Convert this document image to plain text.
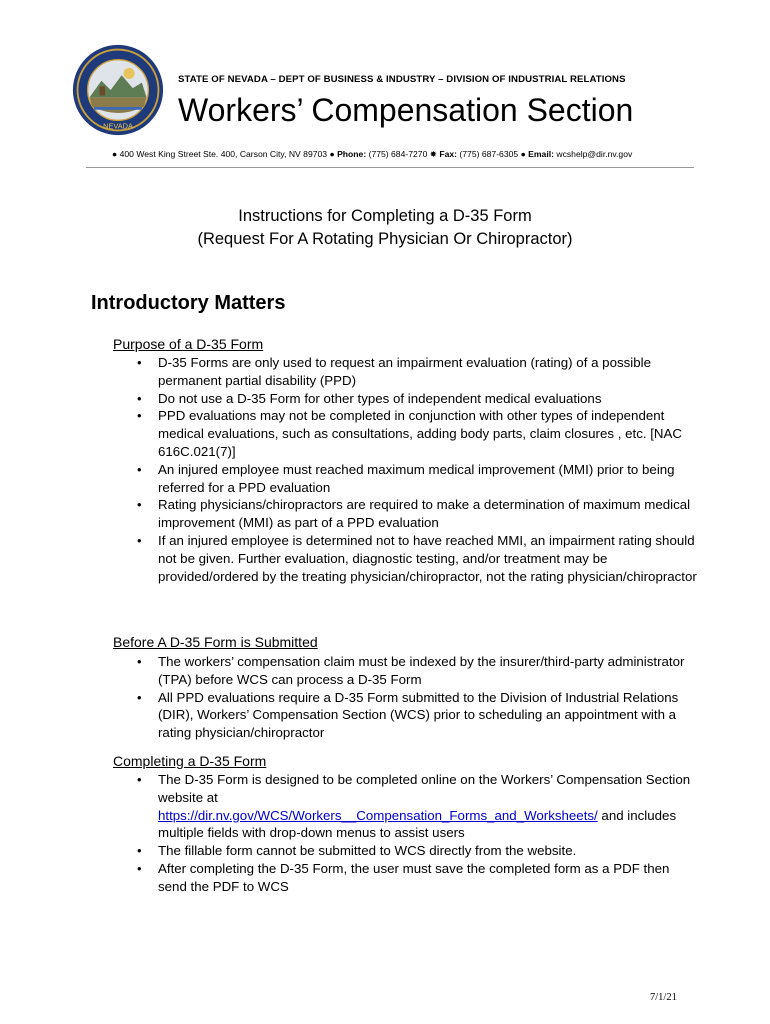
NEVADA
STATE OF NEVADA – DEPT OF BUSINESS & INDUSTRY – DIVISION OF INDUSTRIAL RELATIONS
Workers’ Compensation Section
● 400 West King Street Ste. 400, Carson City, NV 89703 ● Phone: (775) 684-7270 ✸ Fax: (775) 687-6305 ● Email: wcshelp@dir.nv.gov
Instructions for Completing a D-35 Form
(Request For A Rotating Physician Or Chiropractor)
Introductory Matters
Purpose of a D-35 Form
• D-35 Forms are only used to request an impairment evaluation (rating) of a possible permanent partial disability (PPD)
• Do not use a D-35 Form for other types of independent medical evaluations
• PPD evaluations may not be completed in conjunction with other types of independent medical evaluations, such as consultations, adding body parts, claim closures , etc. [NAC 616C.021(7)]
• An injured employee must reached maximum medical improvement (MMI) prior to being referred for a PPD evaluation
• Rating physicians/chiropractors are required to make a determination of maximum medical improvement (MMI) as part of a PPD evaluation
• If an injured employee is determined not to have reached MMI, an impairment rating should not be given. Further evaluation, diagnostic testing, and/or treatment may be provided/ordered by the treating physician/chiropractor, not the rating physician/chiropractor
Before A D-35 Form is Submitted
• The workers’ compensation claim must be indexed by the insurer/third-party administrator (TPA) before WCS can process a D-35 Form
• All PPD evaluations require a D-35 Form submitted to the Division of Industrial Relations (DIR), Workers’ Compensation Section (WCS) prior to scheduling an appointment with a rating physician/chiropractor
Completing a D-35 Form
• The D-35 Form is designed to be completed online on the Workers’ Compensation Section website at
https://dir.nv.gov/WCS/Workers__Compensation_Forms_and_Worksheets/ and includes multiple fields with drop-down menus to assist users
• The fillable form cannot be submitted to WCS directly from the website.
• After completing the D-35 Form, the user must save the completed form as a PDF then send the PDF to WCS
7/1/21
